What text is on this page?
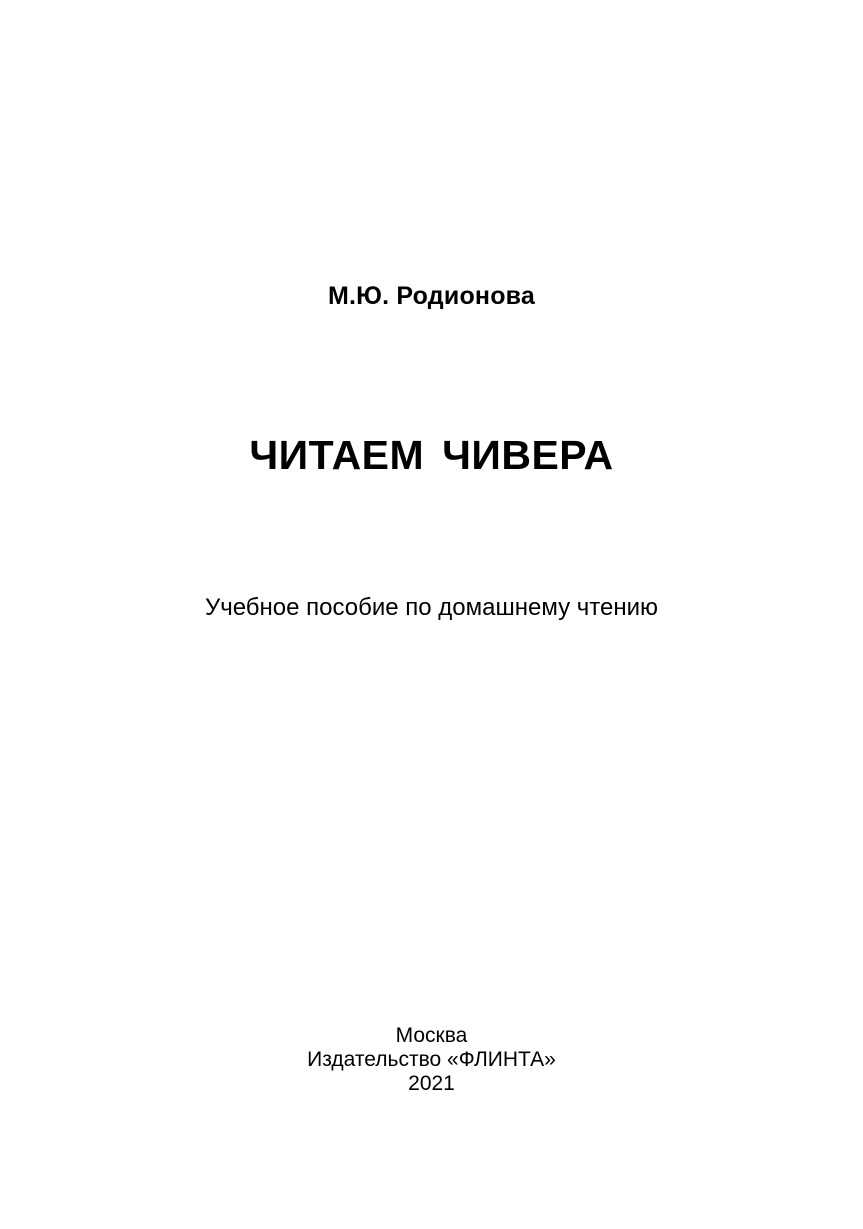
М.Ю. Родионова
ЧИТАЕМ ЧИВЕРА
Учебное пособие по домашнему чтению
Москва
Издательство «ФЛИНТА»
2021
